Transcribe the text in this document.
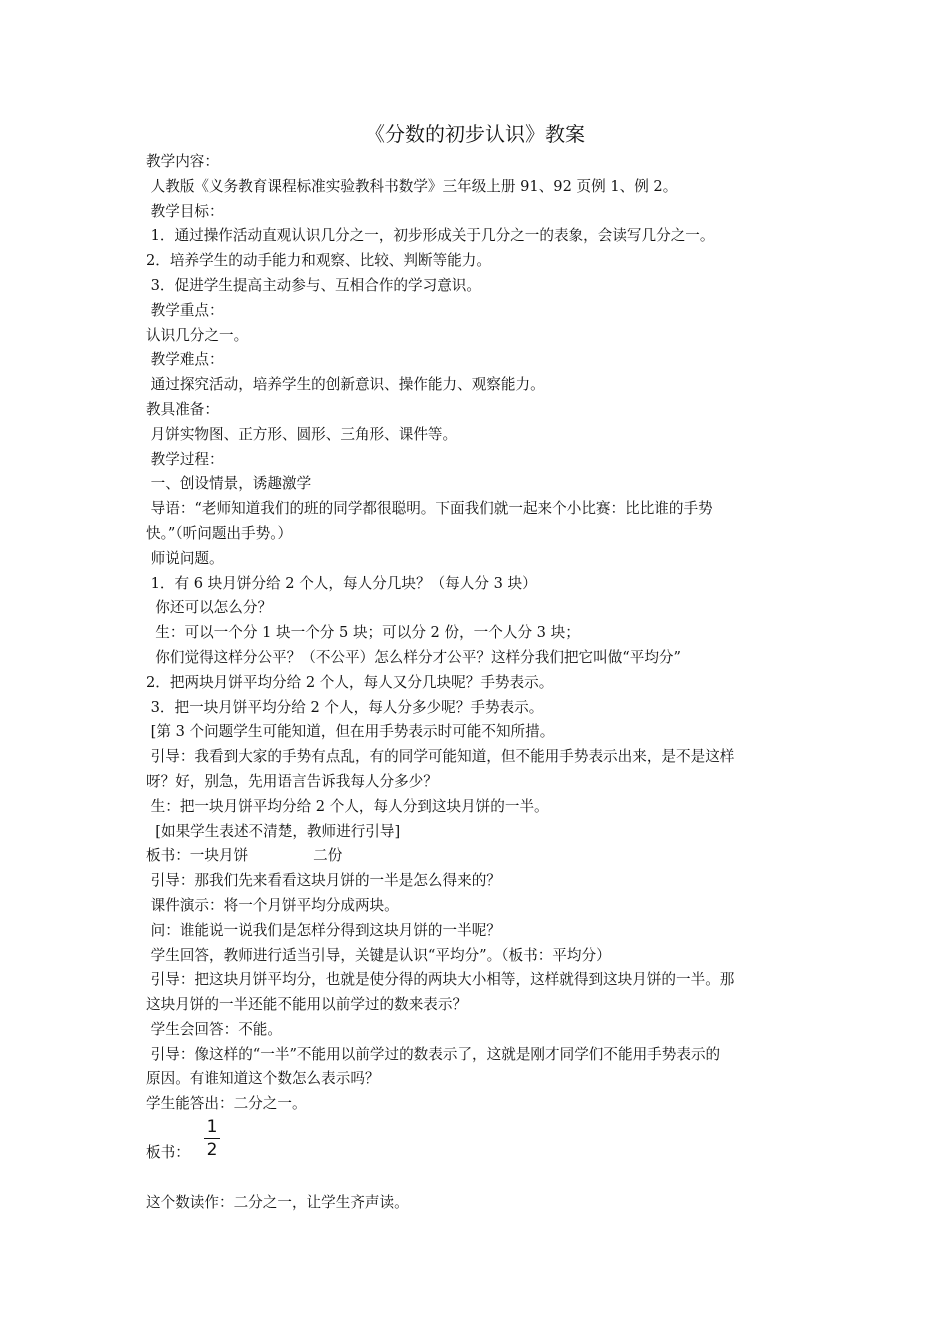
《分数的初步认识》教案

教学内容：

人教版《义务教育课程标准实验教科书数学》三年级上册 91、92 页例 1、例 2。

教学目标：

1．通过操作活动直观认识几分之一，初步形成关于几分之一的表象，会读写几分之一。

2．培养学生的动手能力和观察、比较、判断等能力。

3．促进学生提高主动参与、互相合作的学习意识。

教学重点：

认识几分之一。

教学难点：

通过探究活动，培养学生的创新意识、操作能力、观察能力。

教具准备：

月饼实物图、正方形、圆形、三角形、课件等。

教学过程：

一、创设情景，诱趣激学

导语：“老师知道我们的班的同学都很聪明。下面我们就一起来个小比赛：比比谁的手势

快。”（听问题出手势。）

师说问题。

1．有 6 块月饼分给 2 个人，每人分几块？（每人分 3 块）

你还可以怎么分？

生：可以一个分 1 块一个分 5 块；可以分 2 份，一个人分 3 块；

你们觉得这样分公平？（不公平）怎么样分才公平？这样分我们把它叫做“平均分”

2．把两块月饼平均分给 2 个人，每人又分几块呢？手势表示。

3．把一块月饼平均分给 2 个人，每人分多少呢？手势表示。

[第 3 个问题学生可能知道，但在用手势表示时可能不知所措。

引导：我看到大家的手势有点乱，有的同学可能知道，但不能用手势表示出来，是不是这样

呀？好，别急，先用语言告诉我每人分多少？

生：把一块月饼平均分给 2 个人，每人分到这块月饼的一半。

[如果学生表述不清楚，教师进行引导]

板书：一块月饼              二份

引导：那我们先来看看这块月饼的一半是怎么得来的？

课件演示：将一个月饼平均分成两块。

问：谁能说一说我们是怎样分得到这块月饼的一半呢？

学生回答，教师进行适当引导，关键是认识“平均分”。（板书：平均分）

引导：把这块月饼平均分，也就是使分得的两块大小相等，这样就得到这块月饼的一半。那

这块月饼的一半还能不能用以前学过的数来表示？

学生会回答：不能。

引导：像这样的“一半”不能用以前学过的数表示了，这就是刚才同学们不能用手势表示的

原因。有谁知道这个数怎么表示吗？

学生能答出：二分之一。

板书：
1
2

这个数读作：二分之一，让学生齐声读。
